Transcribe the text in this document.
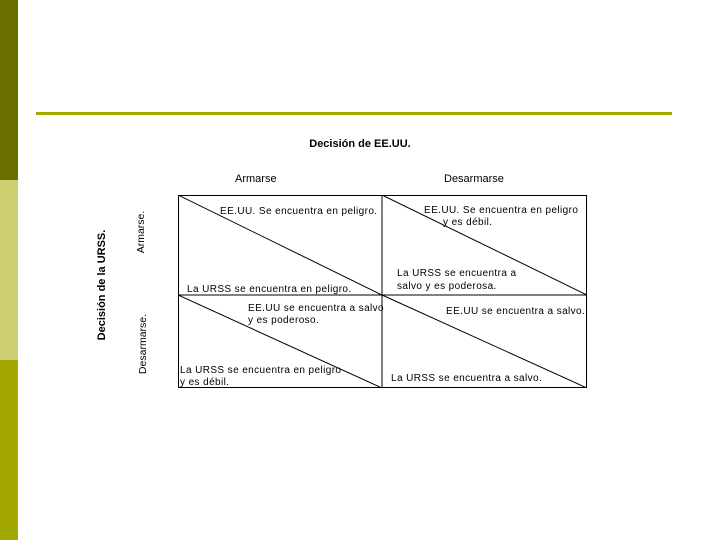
Decisión de EE.UU.
Armarse	Desarmarse
Decisión de la URSS.	Armarse.
Desarmarse.
EE.UU. Se encuentra en peligro.
La URSS se encuentra en peligro.
EE.UU. Se encuentra en peligro
y es débil.
La URSS se encuentra a
salvo y es poderosa.
EE.UU se encuentra a salvo
y es poderoso.
La URSS se encuentra en peligro
y es débil.
EE.UU se encuentra a salvo.
La URSS se encuentra a salvo.
